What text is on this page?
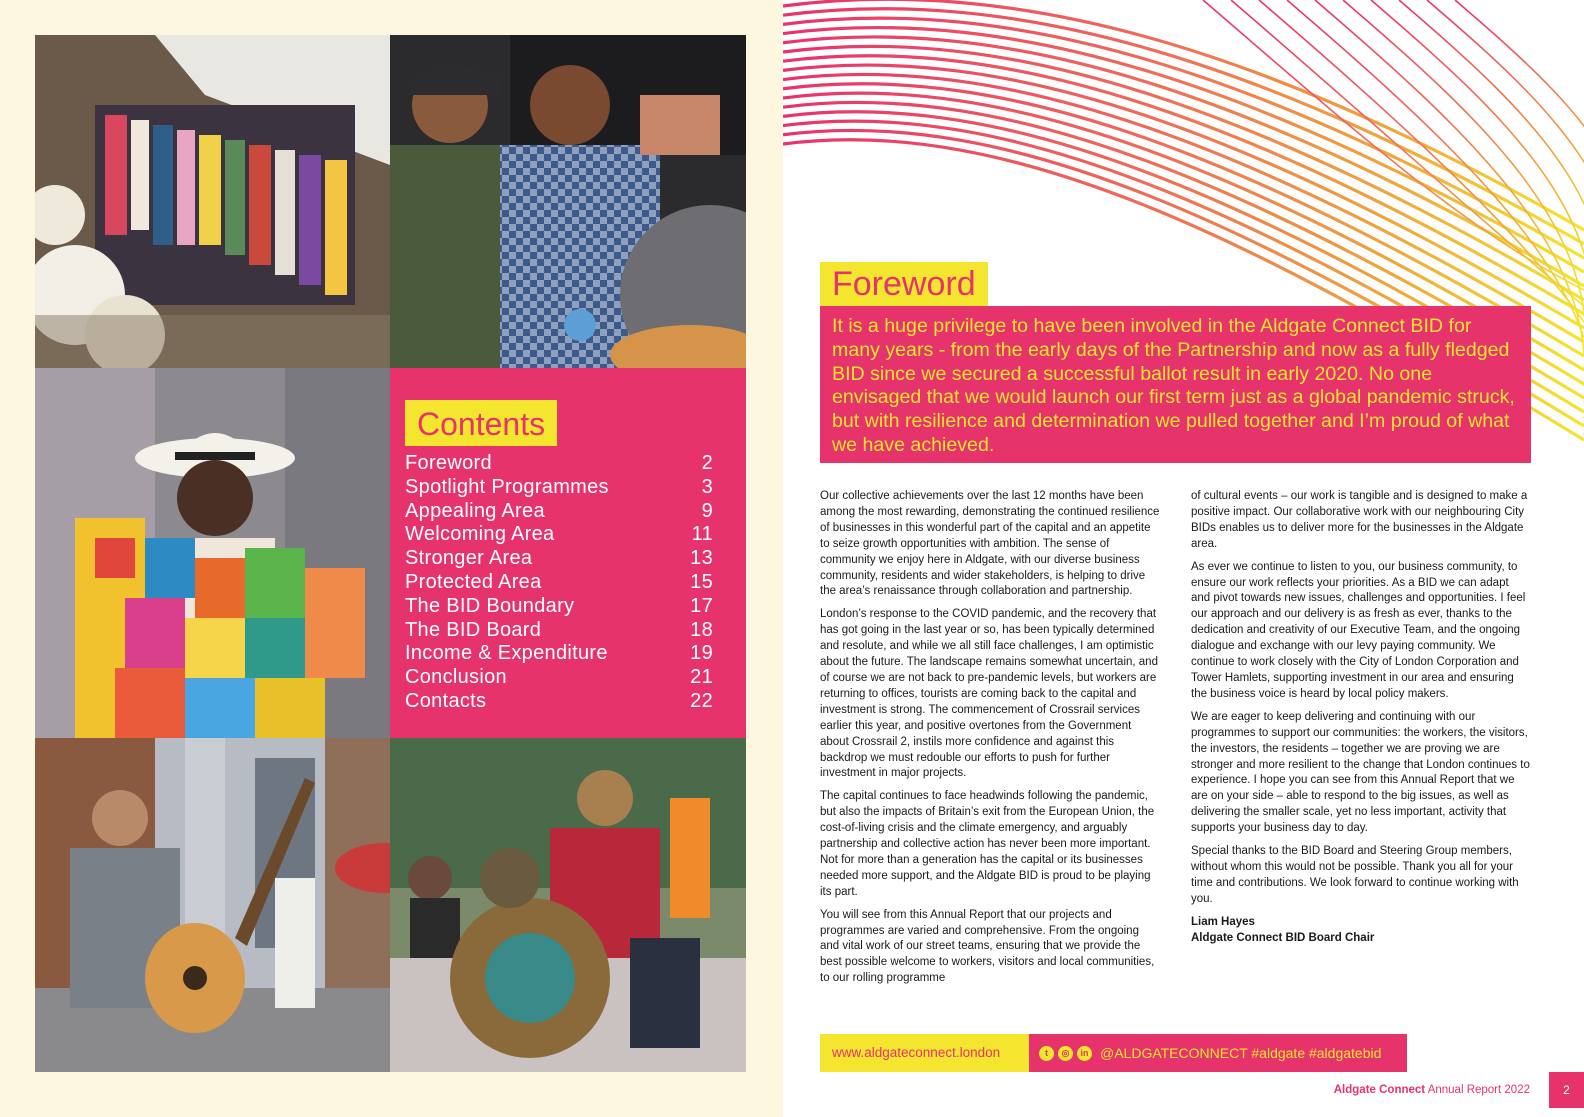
Contents
Foreword	2
Spotlight Programmes	3
Appealing Area	9
Welcoming Area	11
Stronger Area	13
Protected Area	15
The BID Boundary	17
The BID Board	18
Income & Expenditure	19
Conclusion	21
Contacts	22
Foreword

It is a huge privilege to have been involved in the Aldgate Connect BID for many years - from the early days of the Partnership and now as a fully fledged BID since we secured a successful ballot result in early 2020. No one envisaged that we would launch our first term just as a global pandemic struck, but with resilience and determination we pulled together and I’m proud of what we have achieved.

Our collective achievements over the last 12 months have been among the most rewarding, demonstrating the continued resilience of businesses in this wonderful part of the capital and an appetite to seize growth opportunities with ambition. The sense of community we enjoy here in Aldgate, with our diverse business community, residents and wider stakeholders, is helping to drive the area’s renaissance through collaboration and partnership.

London’s response to the COVID pandemic, and the recovery that has got going in the last year or so, has been typically determined and resolute, and while we all still face challenges, I am optimistic about the future. The landscape remains somewhat uncertain, and of course we are not back to pre-pandemic levels, but workers are returning to offices, tourists are coming back to the capital and investment is strong. The commencement of Crossrail services earlier this year, and positive overtones from the Government about Crossrail 2, instils more confidence and against this backdrop we must redouble our efforts to push for further investment in major projects.

The capital continues to face headwinds following the pandemic, but also the impacts of Britain’s exit from the European Union, the cost-of-living crisis and the climate emergency, and arguably partnership and collective action has never been more important. Not for more than a generation has the capital or its businesses needed more support, and the Aldgate BID is proud to be playing its part.

You will see from this Annual Report that our projects and programmes are varied and comprehensive. From the ongoing and vital work of our street teams, ensuring that we provide the best possible welcome to workers, visitors and local communities, to our rolling programme

of cultural events – our work is tangible and is designed to make a positive impact. Our collaborative work with our neighbouring City BIDs enables us to deliver more for the businesses in the Aldgate area.

As ever we continue to listen to you, our business community, to ensure our work reflects your priorities. As a BID we can adapt and pivot towards new issues, challenges and opportunities. I feel our approach and our delivery is as fresh as ever, thanks to the dedication and creativity of our Executive Team, and the ongoing dialogue and exchange with our levy paying community. We continue to work closely with the City of London Corporation and Tower Hamlets, supporting investment in our area and ensuring the business voice is heard by local policy makers.

We are eager to keep delivering and continuing with our programmes to support our communities: the workers, the visitors, the investors, the residents – together we are proving we are stronger and more resilient to the change that London continues to experience. I hope you can see from this Annual Report that we are on your side – able to respond to the big issues, as well as delivering the smaller scale, yet no less important, activity that supports your business day to day.

Special thanks to the BID Board and Steering Group members, without whom this would not be possible. Thank you all for your time and contributions. We look forward to continue working with you.

Liam Hayes

Aldgate Connect BID Board Chair

www.aldgateconnect.london	t	◎	in @ALDGATECONNECT #aldgate #aldgatebid
Aldgate Connect Annual Report 2022	2
